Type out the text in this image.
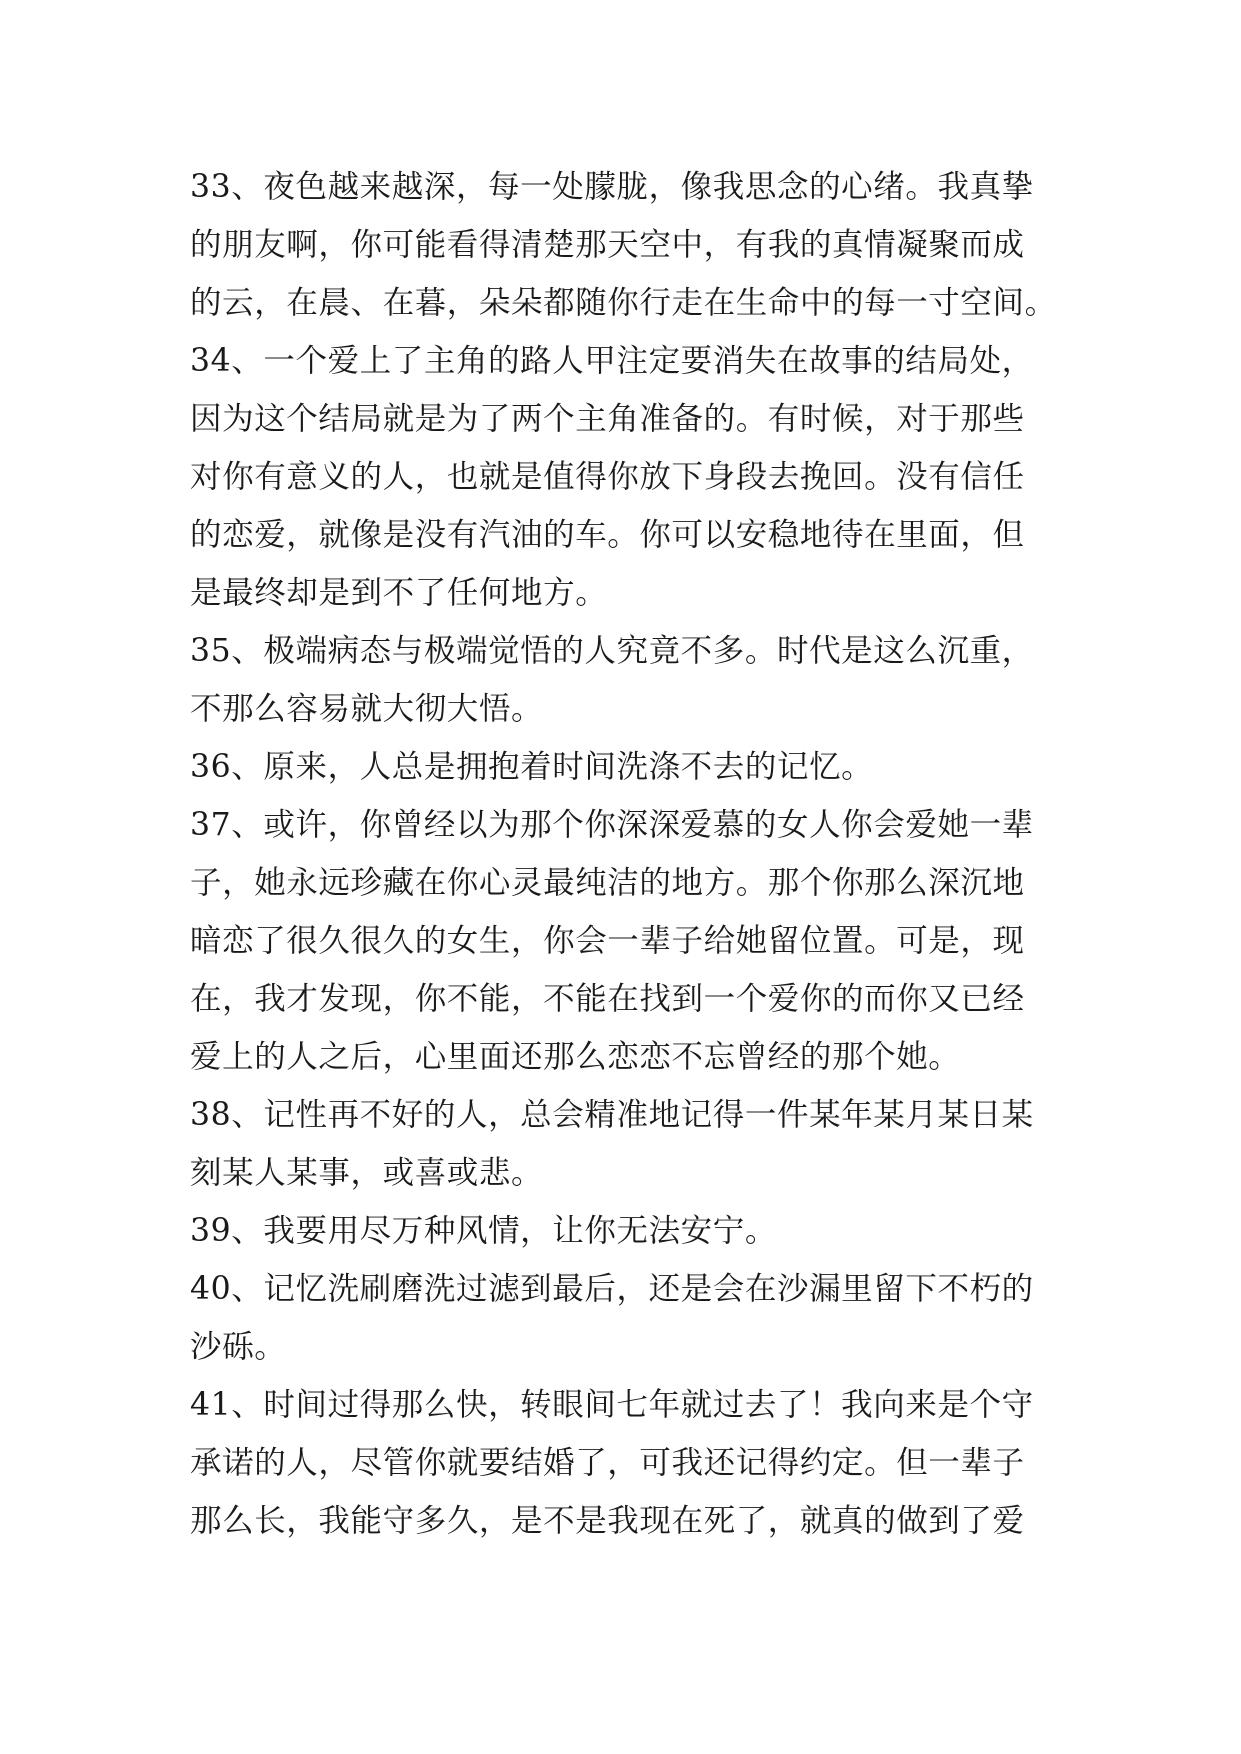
33、夜色越来越深，每一处朦胧，像我思念的心绪。我真挚
的朋友啊，你可能看得清楚那天空中，有我的真情凝聚而成
的云，在晨、在暮，朵朵都随你行走在生命中的每一寸空间。
34、一个爱上了主角的路人甲注定要消失在故事的结局处，
因为这个结局就是为了两个主角准备的。有时候，对于那些
对你有意义的人，也就是值得你放下身段去挽回。没有信任
的恋爱，就像是没有汽油的车。你可以安稳地待在里面，但
是最终却是到不了任何地方。
35、极端病态与极端觉悟的人究竟不多。时代是这么沉重，
不那么容易就大彻大悟。
36、原来，人总是拥抱着时间洗涤不去的记忆。
37、或许，你曾经以为那个你深深爱慕的女人你会爱她一辈
子，她永远珍藏在你心灵最纯洁的地方。那个你那么深沉地
暗恋了很久很久的女生，你会一辈子给她留位置。可是，现
在，我才发现，你不能，不能在找到一个爱你的而你又已经
爱上的人之后，心里面还那么恋恋不忘曾经的那个她。
38、记性再不好的人，总会精准地记得一件某年某月某日某
刻某人某事，或喜或悲。
39、我要用尽万种风情，让你无法安宁。
40、记忆洗刷磨洗过滤到最后，还是会在沙漏里留下不朽的
沙砾。
41、时间过得那么快，转眼间七年就过去了！我向来是个守
承诺的人，尽管你就要结婚了，可我还记得约定。但一辈子
那么长，我能守多久，是不是我现在死了，就真的做到了爱
